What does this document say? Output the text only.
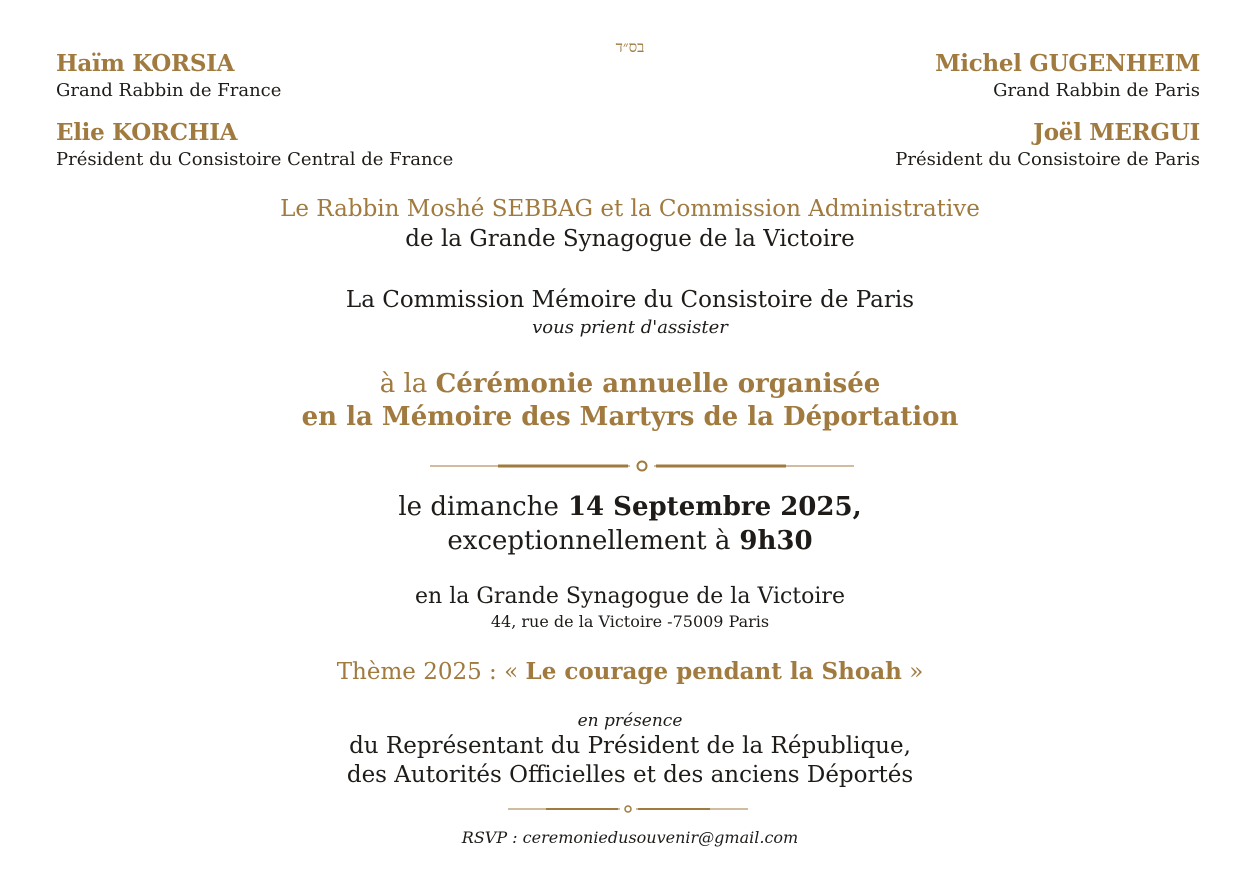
בס״ד
Haïm KORSIA
Grand Rabbin de France
Elie KORCHIA
Président du Consistoire Central de France
Michel GUGENHEIM
Grand Rabbin de Paris
Joël MERGUI
Président du Consistoire de Paris
Le Rabbin Moshé SEBBAG et la Commission Administrative
de la Grande Synagogue de la Victoire
La Commission Mémoire du Consistoire de Paris
vous prient d'assister
à la Cérémonie annuelle organisée
en la Mémoire des Martyrs de la Déportation
le dimanche 14 Septembre 2025,
exceptionnellement à 9h30
en la Grande Synagogue de la Victoire
44, rue de la Victoire -75009 Paris
Thème 2025 : « Le courage pendant la Shoah »
en présence
du Représentant du Président de la République,
des Autorités Officielles et des anciens Déportés
RSVP : ceremoniedusouvenir@gmail.com
